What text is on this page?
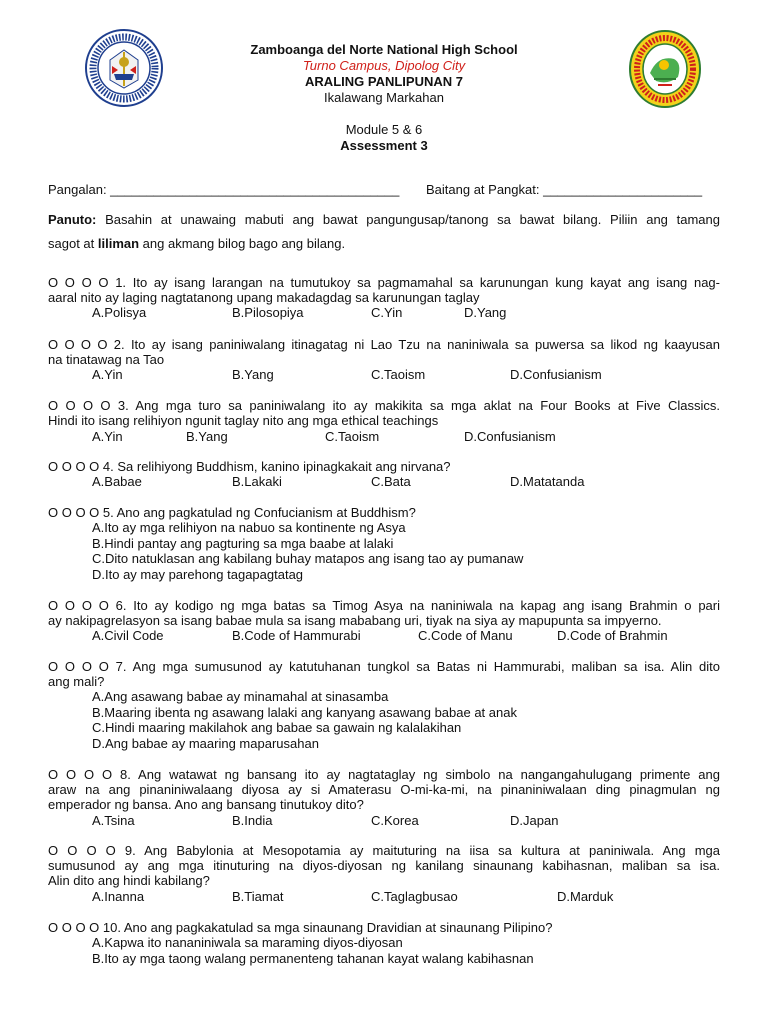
Zamboanga del Norte National High School
Turno Campus, Dipolog City
ARALING PANLIPUNAN 7
Ikalawang Markahan
Module 5 & 6
Assessment 3
Pangalan: ________________________________________ Baitang at Pangkat: ______________________
Panuto: Basahin at unawaing mabuti ang bawat pangungusap/tanong sa bawat bilang. Piliin ang tamang
sagot at liliman ang akmang bilog bago ang bilang.
O O O O 1. Ito ay isang larangan na tumutukoy sa pagmamahal sa karunungan kung kayat ang isang nag-
aaral nito ay laging nagtatanong upang makadagdag sa karunungan taglay
A.Polisya	B.Pilosopiya	C.Yin	D.Yang
O O O O 2. Ito ay isang paniniwalang itinagatag ni Lao Tzu na naniniwala sa puwersa sa likod ng kaayusan
na tinatawag na Tao
A.Yin	B.Yang	C.Taoism	D.Confusianism
O O O O 3. Ang mga turo sa paniniwalang ito ay makikita sa mga aklat na Four Books at Five Classics.
Hindi ito isang relihiyon ngunit taglay nito ang mga ethical teachings
A.Yin	B.Yang	C.Taoism	D.Confusianism
O O O O 4. Sa relihiyong Buddhism, kanino ipinagkakait ang nirvana?
A.Babae	B.Lakaki	C.Bata	D.Matatanda
O O O O 5. Ano ang pagkatulad ng Confucianism at Buddhism?
A.Ito ay mga relihiyon na nabuo sa kontinente ng Asya
B.Hindi pantay ang pagturing sa mga baabe at lalaki
C.Dito natuklasan ang kabilang buhay matapos ang isang tao ay pumanaw
D.Ito ay may parehong tagapagtatag
O O O O 6. Ito ay kodigo ng mga batas sa Timog Asya na naniniwala na kapag ang isang Brahmin o pari
ay nakipagrelasyon sa isang babae mula sa isang mababang uri, tiyak na siya ay mapupunta sa impyerno.
A.Civil Code	B.Code of Hammurabi	C.Code of Manu	D.Code of Brahmin
O O O O 7. Ang mga sumusunod ay katutuhanan tungkol sa Batas ni Hammurabi, maliban sa isa. Alin dito
ang mali?
A.Ang asawang babae ay minamahal at sinasamba
B.Maaring ibenta ng asawang lalaki ang kanyang asawang babae at anak
C.Hindi maaring makilahok ang babae sa gawain ng kalalakihan
D.Ang babae ay maaring maparusahan
O O O O 8. Ang watawat ng bansang ito ay nagtataglay ng simbolo na nangangahulugang primente ang
araw na ang pinaniniwalaang diyosa ay si Amaterasu O-mi-ka-mi, na pinaniniwalaan ding pinagmulan ng
emperador ng bansa. Ano ang bansang tinutukoy dito?
A.Tsina	B.India	C.Korea	D.Japan
O O O O 9. Ang Babylonia at Mesopotamia ay maituturing na iisa sa kultura at paniniwala. Ang mga
sumusunod ay ang mga itinuturing na diyos-diyosan ng kanilang sinaunang kabihasnan, maliban sa isa.
Alin dito ang hindi kabilang?
A.Inanna	B.Tiamat	C.Taglagbusao	D.Marduk
O O O O 10. Ano ang pagkakatulad sa mga sinaunang Dravidian at sinaunang Pilipino?
A.Kapwa ito nananiniwala sa maraming diyos-diyosan
B.Ito ay mga taong walang permanenteng tahanan kayat walang kabihasnan
